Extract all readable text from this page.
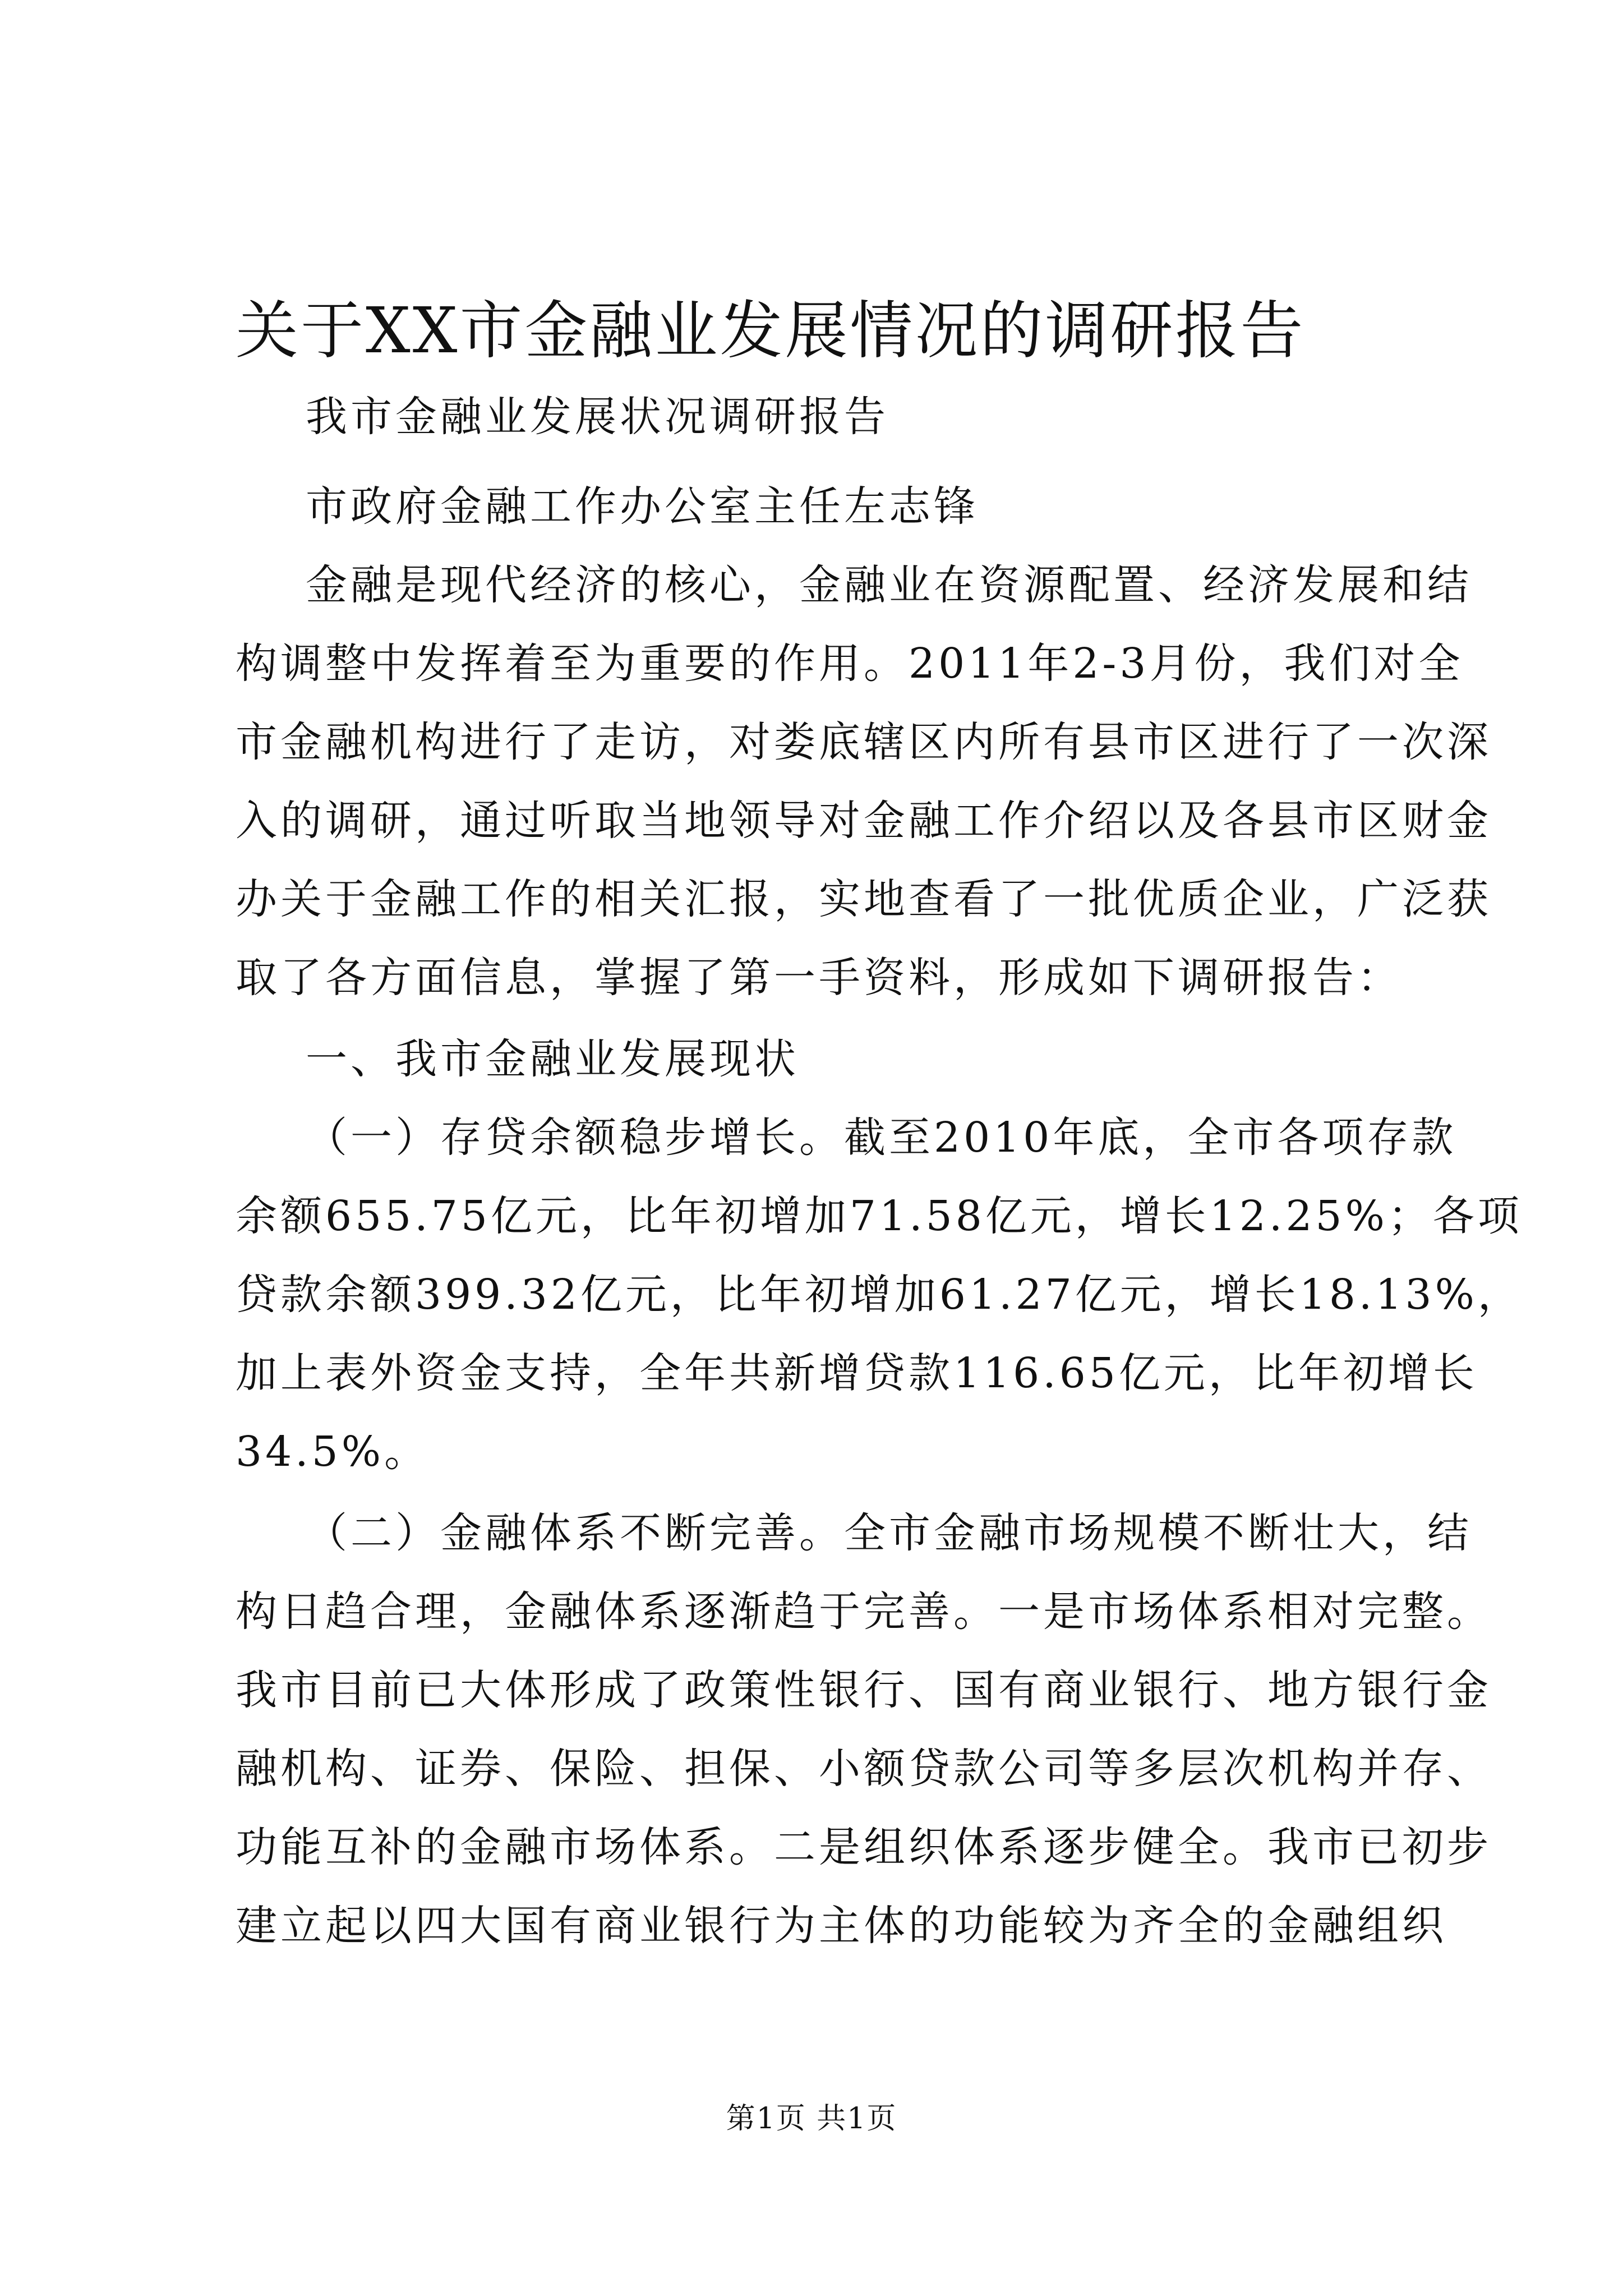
关于XX市金融业发展情况的调研报告
我市金融业发展状况调研报告
市政府金融工作办公室主任左志锋
金融是现代经济的核心，金融业在资源配置、经济发展和结
构调整中发挥着至为重要的作用。2011年2-3月份，我们对全
市金融机构进行了走访，对娄底辖区内所有县市区进行了一次深
入的调研，通过听取当地领导对金融工作介绍以及各县市区财金
办关于金融工作的相关汇报，实地查看了一批优质企业，广泛获
取了各方面信息，掌握了第一手资料，形成如下调研报告：
一、我市金融业发展现状
（一）存贷余额稳步增长。截至2010年底，全市各项存款
余额655.75亿元，比年初增加71.58亿元，增长12.25%；各项
贷款余额399.32亿元，比年初增加61.27亿元，增长18.13%，
加上表外资金支持，全年共新增贷款116.65亿元，比年初增长
34.5%。
（二）金融体系不断完善。全市金融市场规模不断壮大，结
构日趋合理，金融体系逐渐趋于完善。一是市场体系相对完整。
我市目前已大体形成了政策性银行、国有商业银行、地方银行金
融机构、证券、保险、担保、小额贷款公司等多层次机构并存、
功能互补的金融市场体系。二是组织体系逐步健全。我市已初步
建立起以四大国有商业银行为主体的功能较为齐全的金融组织
第1页 共1页
